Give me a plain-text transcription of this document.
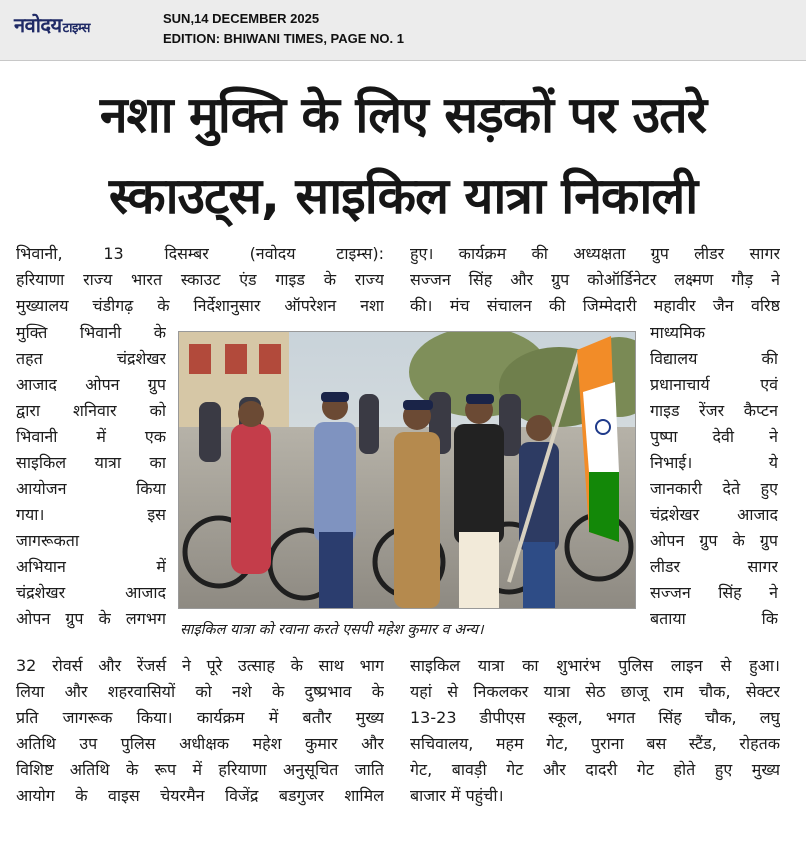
नवोदयटाइम्स
SUN,14 DECEMBER 2025
EDITION: BHIWANI TIMES, PAGE NO. 1
नशा मुक्ति के लिए सड़कों पर उतरे
स्काउट्स, साइकिल यात्रा निकाली
भिवानी, 13 दिसम्बर (नवोदय टाइम्स):
हरियाणा राज्य भारत स्काउट एंड गाइड के राज्य
मुख्यालय चंडीगढ़ के निर्देशानुसार ऑपरेशन नशा
मुक्ति भिवानी के
तहत चंद्रशेखर
आजाद ओपन ग्रुप
द्वारा शनिवार को
भिवानी में एक
साइकिल यात्रा का
आयोजन किया
गया। इस
जागरूकता
अभियान में
चंद्रशेखर आजाद
ओपन ग्रुप के लगभग
32 रोवर्स और रेंजर्स ने पूरे उत्साह के साथ भाग
लिया और शहरवासियों को नशे के दुष्प्रभाव के
प्रति जागरूक किया। कार्यक्रम में बतौर मुख्य
अतिथि उप पुलिस अधीक्षक महेश कुमार और
विशिष्ट अतिथि के रूप में हरियाणा अनुसूचित जाति
आयोग के वाइस चेयरमैन विजेंद्र बडगुजर शामिल
हुए। कार्यक्रम की अध्यक्षता ग्रुप लीडर सागर
सज्जन सिंह और ग्रुप कोऑर्डिनेटर लक्ष्मण गौड़ ने
की। मंच संचालन की जिम्मेदारी महावीर जैन वरिष्ठ
माध्यमिक
विद्यालय की
प्रधानाचार्य एवं
गाइड रेंजर कैप्टन
पुष्पा देवी ने
निभाई। ये
जानकारी देते हुए
चंद्रशेखर आजाद
ओपन ग्रुप के ग्रुप
लीडर सागर
सज्जन सिंह ने
बताया कि
साइकिल यात्रा का शुभारंभ पुलिस लाइन से हुआ।
यहां से निकलकर यात्रा सेठ छाजू राम चौक, सेक्टर
13-23 डीपीएस स्कूल, भगत सिंह चौक, लघु
सचिवालय, महम गेट, पुराना बस स्टैंड, रोहतक
गेट, बावड़ी गेट और दादरी गेट होते हुए मुख्य
बाजार में पहुंची।
साइकिल यात्रा को रवाना करते एसपी महेश कुमार व अन्य।
